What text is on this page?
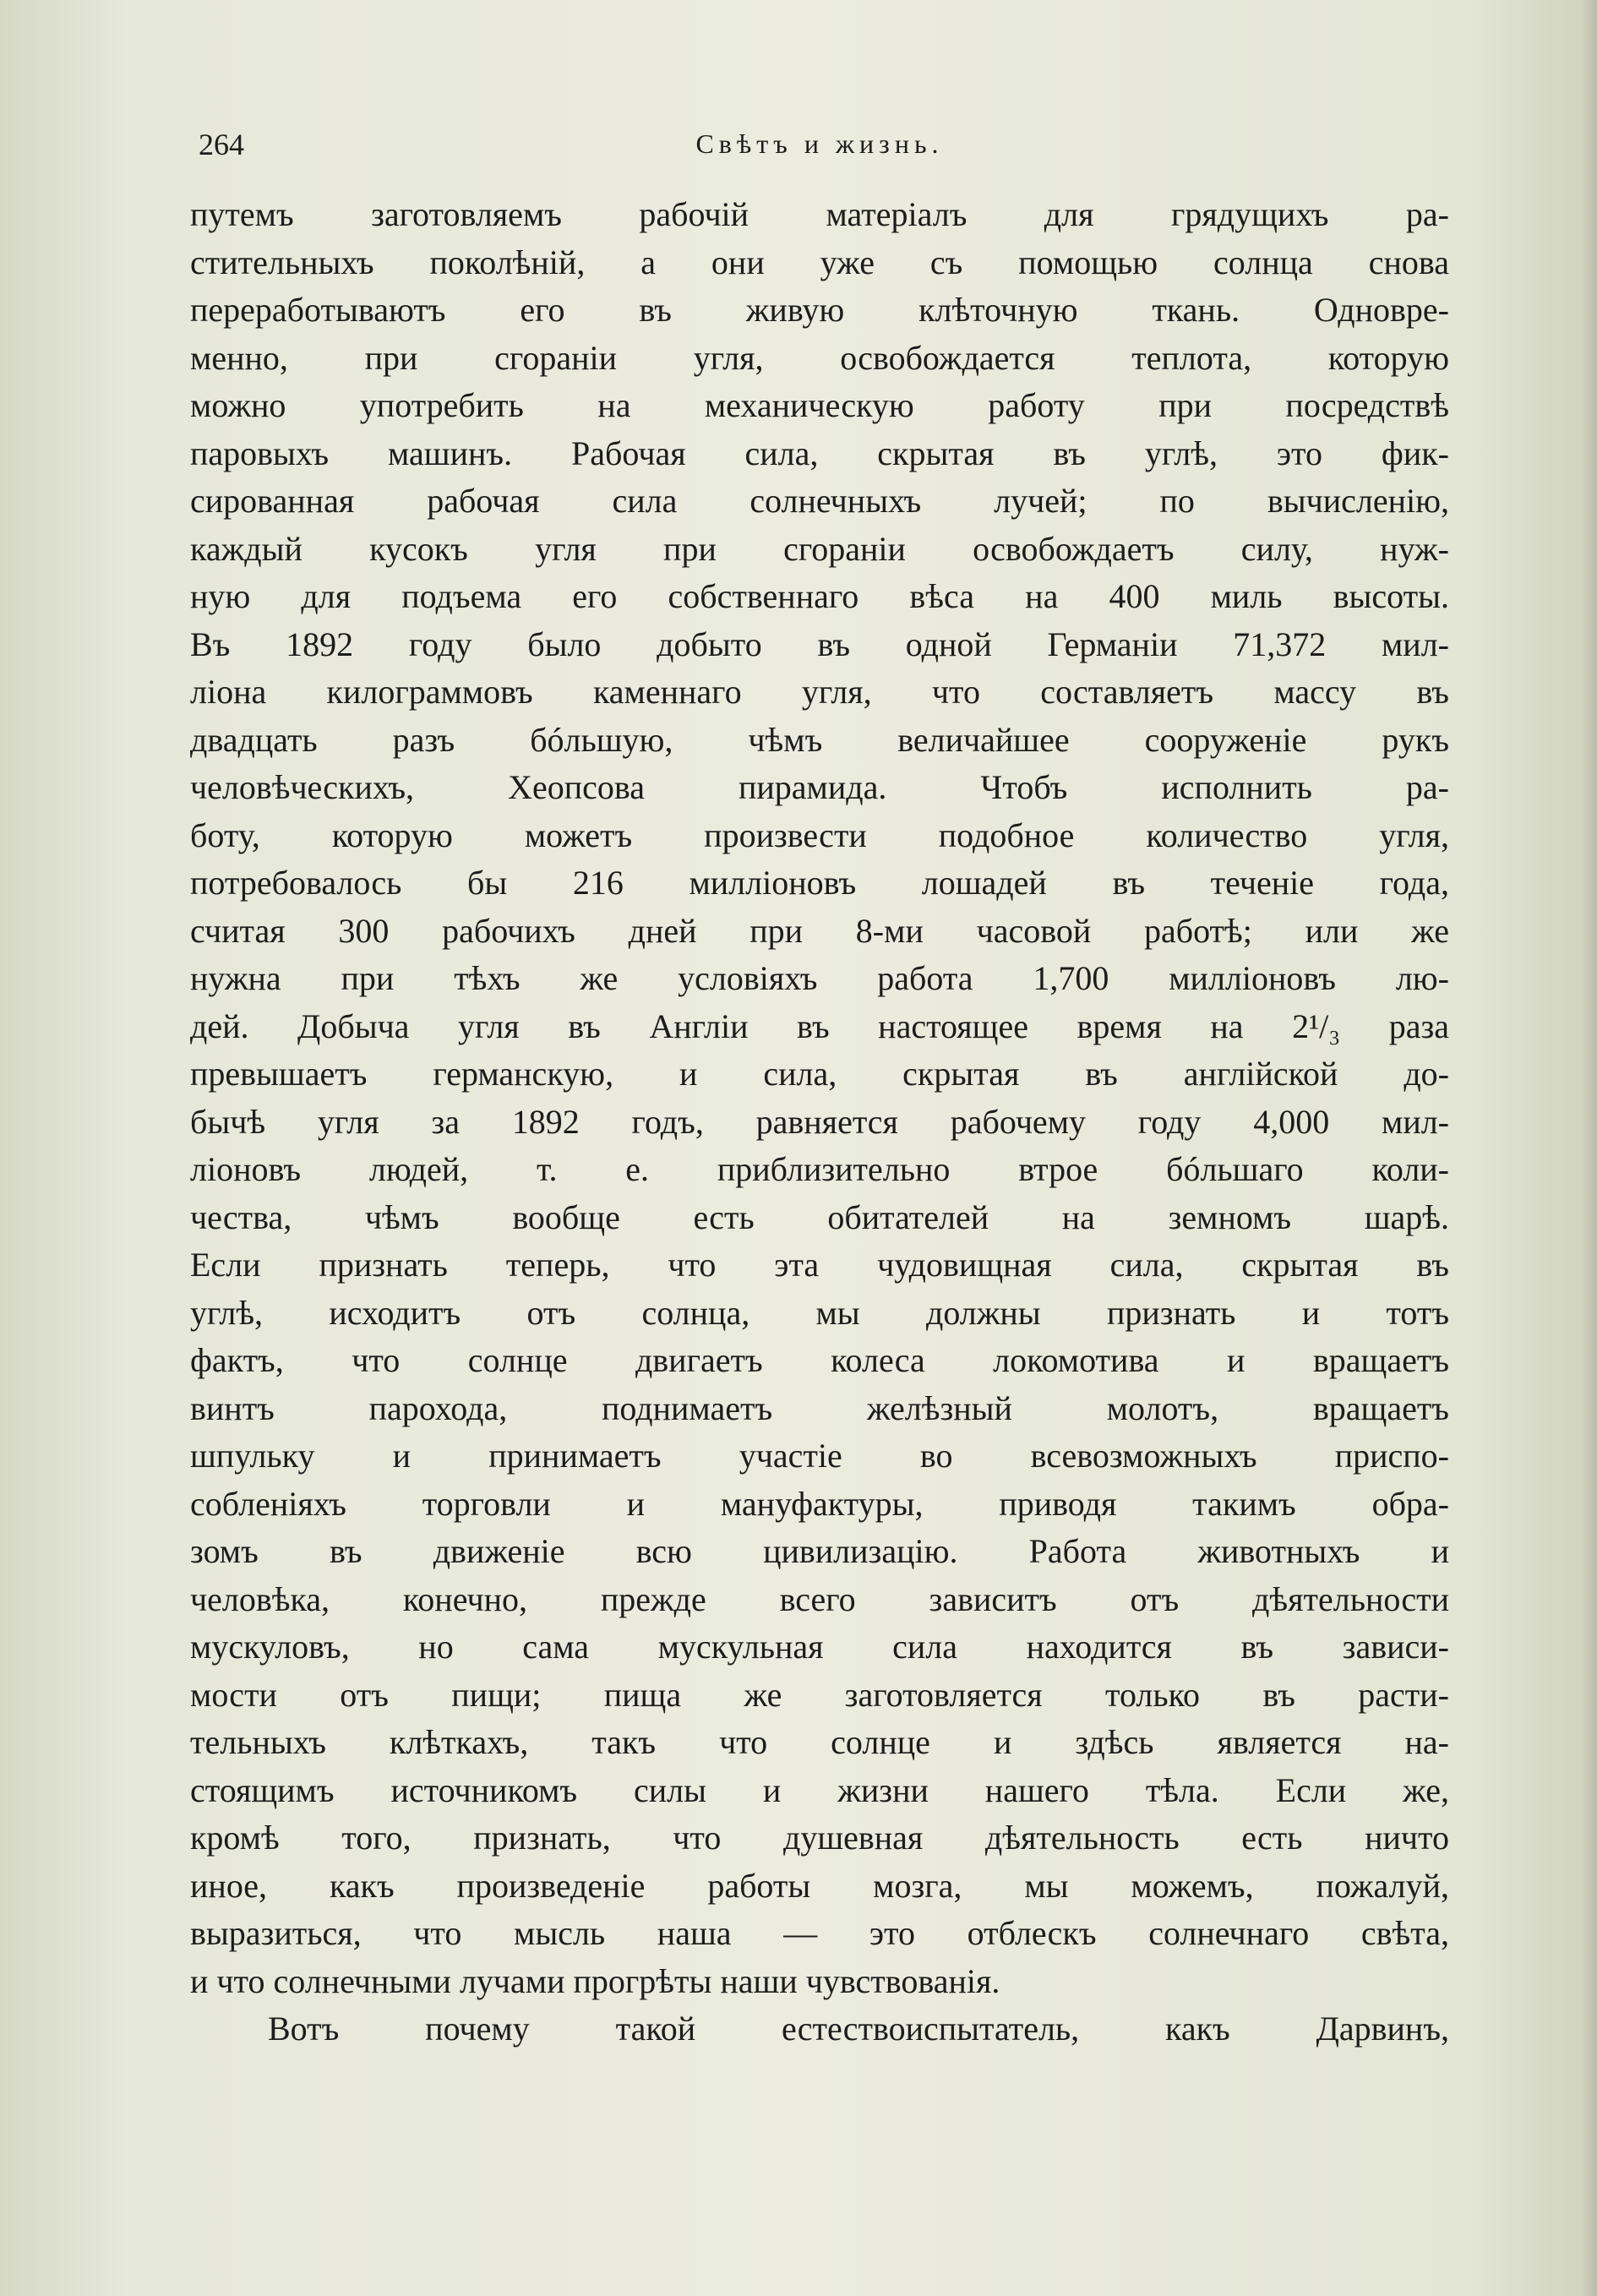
264	Свѣтъ и жизнь.
путемъ заготовляемъ рабочій матеріалъ для грядущихъ ра-
стительныхъ поколѣній, а они уже съ помощью солнца снова
переработываютъ его въ живую клѣточную ткань. Одновре-
менно, при сгораніи угля, освобождается теплота, которую
можно употребить на механическую работу при посредствѣ
паровыхъ машинъ. Рабочая сила, скрытая въ углѣ, это фик-
сированная рабочая сила солнечныхъ лучей; по вычисленію,
каждый кусокъ угля при сгораніи освобождаетъ силу, нуж-
ную для подъема его собственнаго вѣса на 400 миль высоты.
Въ 1892 году было добыто въ одной Германіи 71,372 мил-
ліона килограммовъ каменнаго угля, что составляетъ массу въ
двадцать разъ бóльшую, чѣмъ величайшее сооруженіе рукъ
человѣческихъ, Хеопсова пирамида. Чтобъ исполнить ра-
боту, которую можетъ произвести подобное количество угля,
потребовалось бы 216 милліоновъ лошадей въ теченіе года,
считая 300 рабочихъ дней при 8-ми часовой работѣ; или же
нужна при тѣхъ же условіяхъ работа 1,700 милліоновъ лю-
дей. Добыча угля въ Англіи въ настоящее время на 2¹/₃ раза
превышаетъ германскую, и сила, скрытая въ англійской до-
бычѣ угля за 1892 годъ, равняется рабочему году 4,000 мил-
ліоновъ людей, т. е. приблизительно втрое бóльшаго коли-
чества, чѣмъ вообще есть обитателей на земномъ шарѣ.
Если признать теперь, что эта чудовищная сила, скрытая въ
углѣ, исходитъ отъ солнца, мы должны признать и тотъ
фактъ, что солнце двигаетъ колеса локомотива и вращаетъ
винтъ парохода, поднимаетъ желѣзный молотъ, вращаетъ
шпульку и принимаетъ участіе во всевозможныхъ приспо-
собленіяхъ торговли и мануфактуры, приводя такимъ обра-
зомъ въ движеніе всю цивилизацію. Работа животныхъ и
человѣка, конечно, прежде всего зависитъ отъ дѣятельности
мускуловъ, но сама мускульная сила находится въ зависи-
мости отъ пищи; пища же заготовляется только въ расти-
тельныхъ клѣткахъ, такъ что солнце и здѣсь является на-
стоящимъ источникомъ силы и жизни нашего тѣла. Если же,
кромѣ того, признать, что душевная дѣятельность есть ничто
иное, какъ произведеніе работы мозга, мы можемъ, пожалуй,
выразиться, что мысль наша — это отблескъ солнечнаго свѣта,
и что солнечными лучами прогрѣты наши чувствованія.
Вотъ почему такой естествоиспытатель, какъ Дарвинъ,
